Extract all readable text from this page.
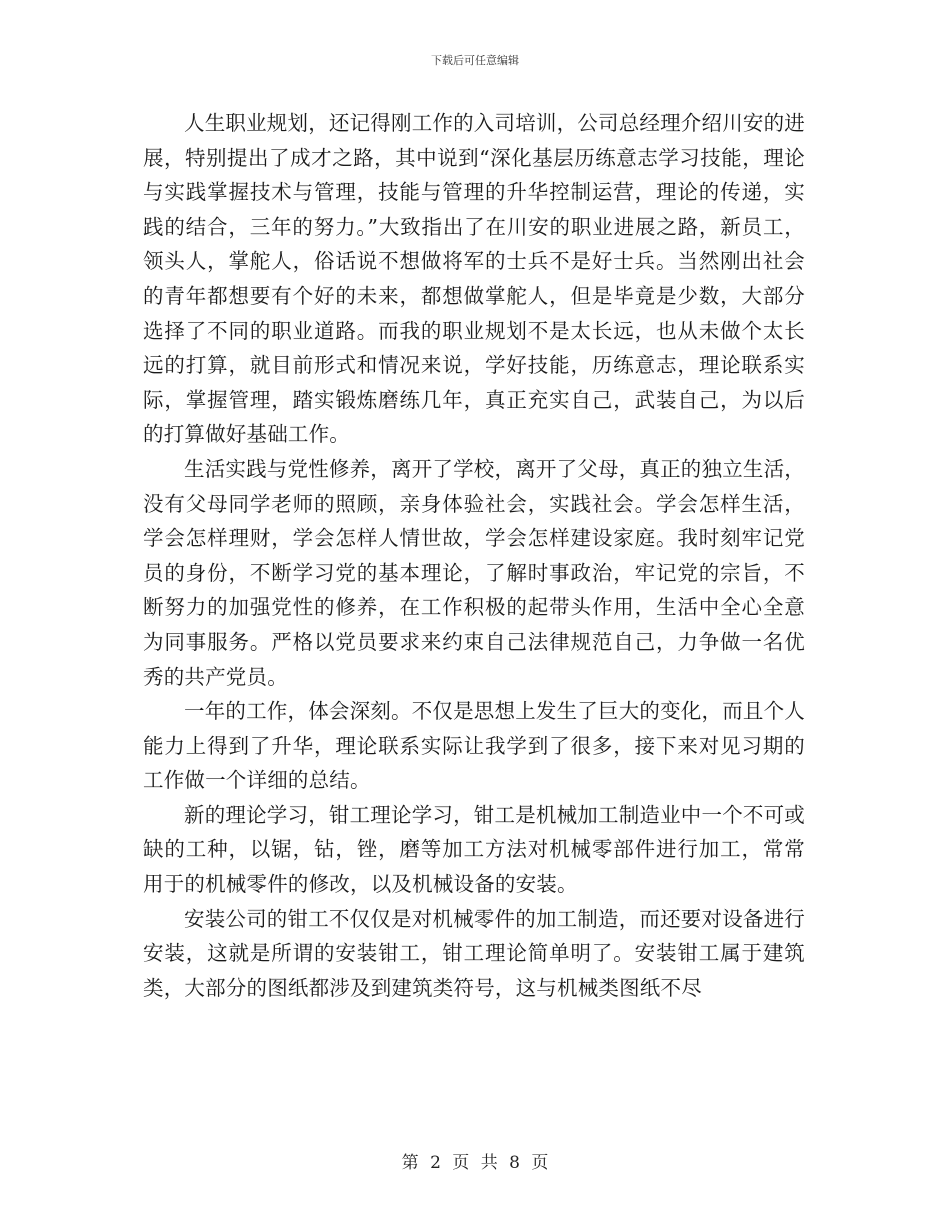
下载后可任意编辑

人生职业规划，还记得刚工作的入司培训，公司总经理介绍川安的进展，特别提出了成才之路，其中说到“深化基层历练意志学习技能，理论与实践掌握技术与管理，技能与管理的升华控制运营，理论的传递，实践的结合，三年的努力。”大致指出了在川安的职业进展之路，新员工，领头人，掌舵人，俗话说不想做将军的士兵不是好士兵。当然刚出社会的青年都想要有个好的未来，都想做掌舵人，但是毕竟是少数，大部分选择了不同的职业道路。而我的职业规划不是太长远，也从未做个太长远的打算，就目前形式和情况来说，学好技能，历练意志，理论联系实际，掌握管理，踏实锻炼磨练几年，真正充实自己，武装自己，为以后的打算做好基础工作。

生活实践与党性修养，离开了学校，离开了父母，真正的独立生活，没有父母同学老师的照顾，亲身体验社会，实践社会。学会怎样生活，学会怎样理财，学会怎样人情世故，学会怎样建设家庭。我时刻牢记党员的身份，不断学习党的基本理论，了解时事政治，牢记党的宗旨，不断努力的加强党性的修养，在工作积极的起带头作用，生活中全心全意为同事服务。严格以党员要求来约束自己法律规范自己，力争做一名优秀的共产党员。

一年的工作，体会深刻。不仅是思想上发生了巨大的变化，而且个人能力上得到了升华，理论联系实际让我学到了很多，接下来对见习期的工作做一个详细的总结。

新的理论学习，钳工理论学习，钳工是机械加工制造业中一个不可或缺的工种，以锯，钻，锉，磨等加工方法对机械零部件进行加工，常常用于的机械零件的修改，以及机械设备的安装。

安装公司的钳工不仅仅是对机械零件的加工制造，而还要对设备进行安装，这就是所谓的安装钳工，钳工理论简单明了。安装钳工属于建筑类，大部分的图纸都涉及到建筑类符号，这与机械类图纸不尽

第 2 页 共 8 页
